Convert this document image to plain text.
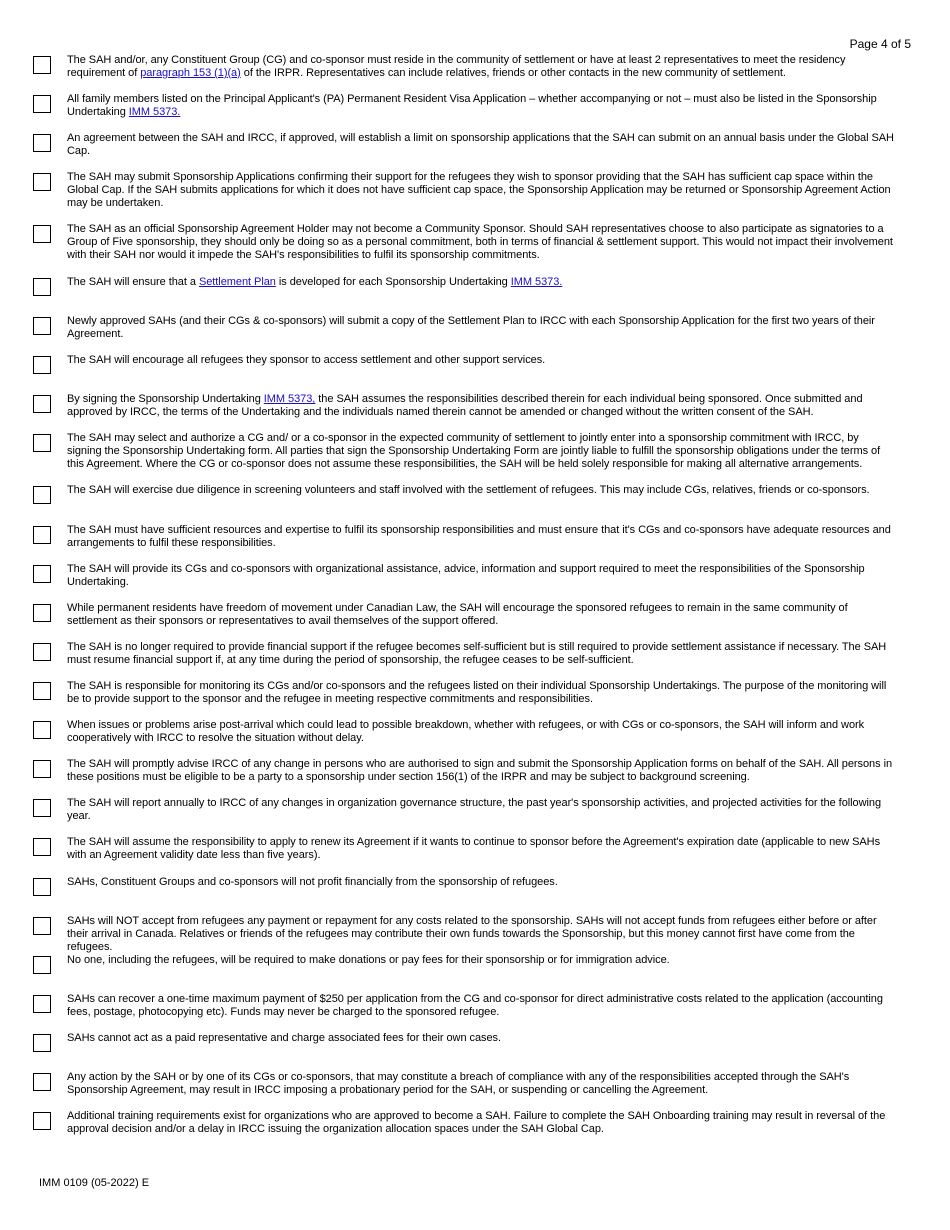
Page 4 of 5
The SAH and/or, any Constituent Group (CG) and co-sponsor must reside in the community of settlement or have at least 2 representatives to meet the residency requirement of paragraph 153 (1)(a) of the IRPR. Representatives can include relatives, friends or other contacts in the new community of settlement.
All family members listed on the Principal Applicant's (PA) Permanent Resident Visa Application – whether accompanying or not – must also be listed in the Sponsorship Undertaking IMM 5373.
An agreement between the SAH and IRCC, if approved, will establish a limit on sponsorship applications that the SAH can submit on an annual basis under the Global SAH Cap.
The SAH may submit Sponsorship Applications confirming their support for the refugees they wish to sponsor providing that the SAH has sufficient cap space within the Global Cap. If the SAH submits applications for which it does not have sufficient cap space, the Sponsorship Application may be returned or Sponsorship Agreement Action may be undertaken.
The SAH as an official Sponsorship Agreement Holder may not become a Community Sponsor. Should SAH representatives choose to also participate as signatories to a Group of Five sponsorship, they should only be doing so as a personal commitment, both in terms of financial & settlement support. This would not impact their involvement with their SAH nor would it impede the SAH's responsibilities to fulfil its sponsorship commitments.
The SAH will ensure that a Settlement Plan is developed for each Sponsorship Undertaking IMM 5373.
Newly approved SAHs (and their CGs & co-sponsors) will submit a copy of the Settlement Plan to IRCC with each Sponsorship Application for the first two years of their Agreement.
The SAH will encourage all refugees they sponsor to access settlement and other support services.
By signing the Sponsorship Undertaking IMM 5373, the SAH assumes the responsibilities described therein for each individual being sponsored. Once submitted and approved by IRCC, the terms of the Undertaking and the individuals named therein cannot be amended or changed without the written consent of the SAH.
The SAH may select and authorize a CG and/ or a co-sponsor in the expected community of settlement to jointly enter into a sponsorship commitment with IRCC, by signing the Sponsorship Undertaking form. All parties that sign the Sponsorship Undertaking Form are jointly liable to fulfill the sponsorship obligations under the terms of this Agreement. Where the CG or co-sponsor does not assume these responsibilities, the SAH will be held solely responsible for making all alternative arrangements.
The SAH will exercise due diligence in screening volunteers and staff involved with the settlement of refugees. This may include CGs, relatives, friends or co-sponsors.
The SAH must have sufficient resources and expertise to fulfil its sponsorship responsibilities and must ensure that it's CGs and co-sponsors have adequate resources and arrangements to fulfil these responsibilities.
The SAH will provide its CGs and co-sponsors with organizational assistance, advice, information and support required to meet the responsibilities of the Sponsorship Undertaking.
While permanent residents have freedom of movement under Canadian Law, the SAH will encourage the sponsored refugees to remain in the same community of settlement as their sponsors or representatives to avail themselves of the support offered.
The SAH is no longer required to provide financial support if the refugee becomes self-sufficient but is still required to provide settlement assistance if necessary. The SAH must resume financial support if, at any time during the period of sponsorship, the refugee ceases to be self-sufficient.
The SAH is responsible for monitoring its CGs and/or co-sponsors and the refugees listed on their individual Sponsorship Undertakings. The purpose of the monitoring will be to provide support to the sponsor and the refugee in meeting respective commitments and responsibilities.
When issues or problems arise post-arrival which could lead to possible breakdown, whether with refugees, or with CGs or co-sponsors, the SAH will inform and work cooperatively with IRCC to resolve the situation without delay.
The SAH will promptly advise IRCC of any change in persons who are authorised to sign and submit the Sponsorship Application forms on behalf of the SAH. All persons in these positions must be eligible to be a party to a sponsorship under section 156(1) of the IRPR and may be subject to background screening.
The SAH will report annually to IRCC of any changes in organization governance structure, the past year's sponsorship activities, and projected activities for the following year.
The SAH will assume the responsibility to apply to renew its Agreement if it wants to continue to sponsor before the Agreement's expiration date (applicable to new SAHs with an Agreement validity date less than five years).
SAHs, Constituent Groups and co-sponsors will not profit financially from the sponsorship of refugees.
SAHs will NOT accept from refugees any payment or repayment for any costs related to the sponsorship. SAHs will not accept funds from refugees either before or after their arrival in Canada. Relatives or friends of the refugees may contribute their own funds towards the Sponsorship, but this money cannot first have come from the refugees.
No one, including the refugees, will be required to make donations or pay fees for their sponsorship or for immigration advice.
SAHs can recover a one-time maximum payment of $250 per application from the CG and co-sponsor for direct administrative costs related to the application (accounting fees, postage, photocopying etc). Funds may never be charged to the sponsored refugee.
SAHs cannot act as a paid representative and charge associated fees for their own cases.
Any action by the SAH or by one of its CGs or co-sponsors, that may constitute a breach of compliance with any of the responsibilities accepted through the SAH's Sponsorship Agreement, may result in IRCC imposing a probationary period for the SAH, or suspending or cancelling the Agreement.
Additional training requirements exist for organizations who are approved to become a SAH. Failure to complete the SAH Onboarding training may result in reversal of the approval decision and/or a delay in IRCC issuing the organization allocation spaces under the SAH Global Cap.
IMM 0109 (05-2022) E
